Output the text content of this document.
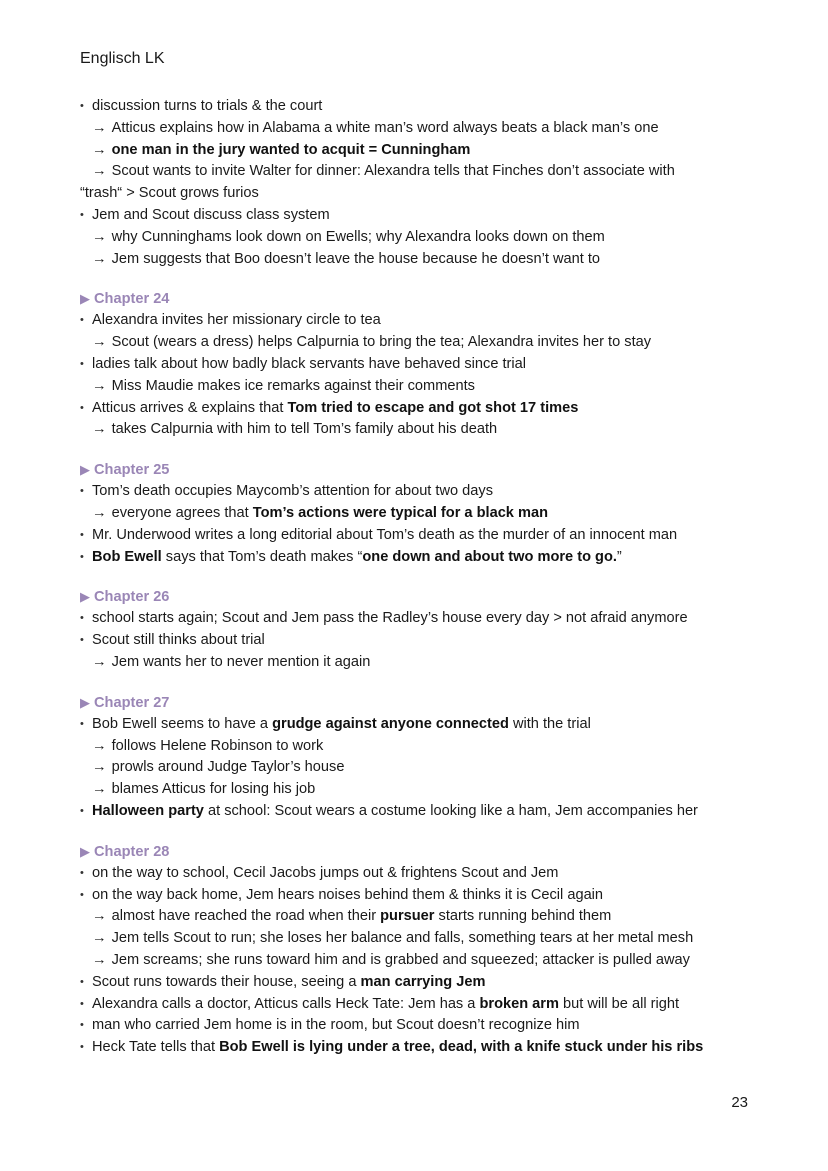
Englisch LK
• discussion turns to trials & the court
→ Atticus explains how in Alabama a white man’s word always beats a black man’s one
→ one man in the jury wanted to acquit = Cunningham
→ Scout wants to invite Walter for dinner: Alexandra tells that Finches don’t associate with
“trash“ > Scout grows furios
• Jem and Scout discuss class system
→ why Cunninghams look down on Ewells; why Alexandra looks down on them
→ Jem suggests that Boo doesn’t leave the house because he doesn’t want to
▶ Chapter 24
• Alexandra invites her missionary circle to tea
→ Scout (wears a dress) helps Calpurnia to bring the tea; Alexandra invites her to stay
• ladies talk about how badly black servants have behaved since trial
→ Miss Maudie makes ice remarks against their comments
• Atticus arrives & explains that Tom tried to escape and got shot 17 times
→ takes Calpurnia with him to tell Tom’s family about his death
▶ Chapter 25
• Tom’s death occupies Maycomb’s attention for about two days
→ everyone agrees that Tom’s actions were typical for a black man
• Mr. Underwood writes a long editorial about Tom’s death as the murder of an innocent man
• Bob Ewell says that Tom’s death makes “one down and about two more to go.”
▶ Chapter 26
• school starts again; Scout and Jem pass the Radley’s house every day > not afraid anymore
• Scout still thinks about trial
→ Jem wants her to never mention it again
▶ Chapter 27
• Bob Ewell seems to have a grudge against anyone connected with the trial
→ follows Helene Robinson to work
→ prowls around Judge Taylor’s house
→ blames Atticus for losing his job
• Halloween party at school: Scout wears a costume looking like a ham, Jem accompanies her
▶ Chapter 28
• on the way to school, Cecil Jacobs jumps out & frightens Scout and Jem
• on the way back home, Jem hears noises behind them & thinks it is Cecil again
→ almost have reached the road when their pursuer starts running behind them
→ Jem tells Scout to run; she loses her balance and falls, something tears at her metal mesh
→ Jem screams; she runs toward him and is grabbed and squeezed; attacker is pulled away
• Scout runs towards their house, seeing a man carrying Jem
• Alexandra calls a doctor, Atticus calls Heck Tate: Jem has a broken arm but will be all right
• man who carried Jem home is in the room, but Scout doesn’t recognize him
• Heck Tate tells that Bob Ewell is lying under a tree, dead, with a knife stuck under his ribs
23
